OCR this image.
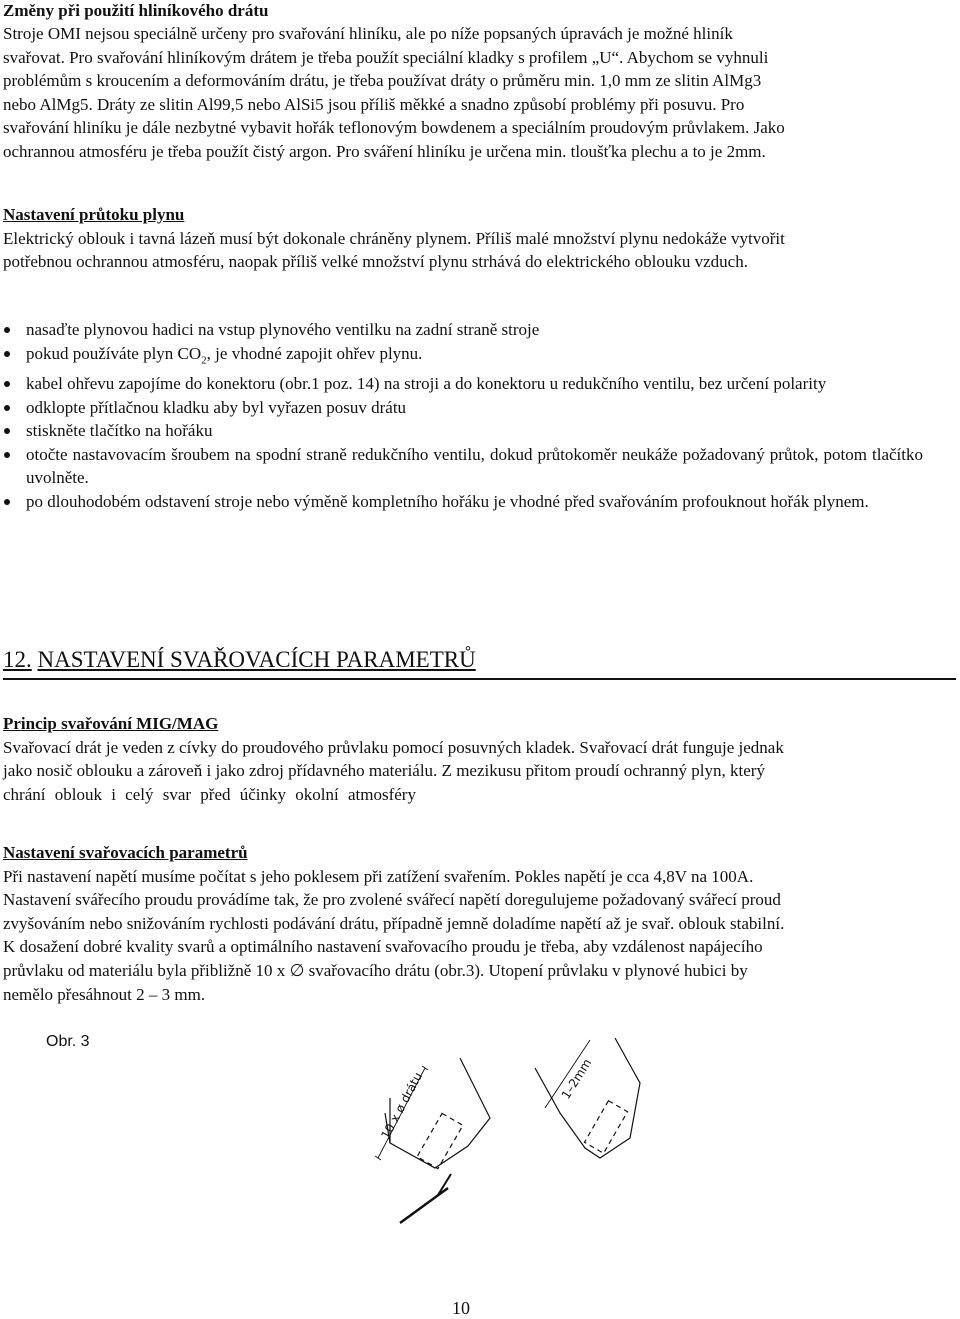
Změny při použití hliníkového drátu

Stroje OMI nejsou speciálně určeny pro svařování hliníku, ale po níže popsaných úpravách je možné hliník

svařovat. Pro svařování hliníkovým drátem je třeba použít speciální kladky s profilem „U“. Abychom se vyhnuli

problémům s kroucením a deformováním drátu, je třeba používat dráty o průměru min. 1,0 mm ze slitin AlMg3

nebo AlMg5. Dráty ze slitin Al99,5 nebo AlSi5 jsou příliš měkké a snadno způsobí problémy při posuvu. Pro

svařování hliníku je dále nezbytné vybavit hořák teflonovým bowdenem a speciálním proudovým průvlakem. Jako

ochrannou atmosféru je třeba použít čistý argon. Pro sváření hliníku je určena min. tloušťka plechu a to je 2mm.

Nastavení průtoku plynu

Elektrický oblouk i tavná lázeň musí být dokonale chráněny plynem. Příliš malé množství plynu nedokáže vytvořit

potřebnou ochrannou atmosféru, naopak příliš velké množství plynu strhává do elektrického oblouku vzduch.

nasaďte plynovou hadici na vstup plynového ventilku na zadní straně stroje
pokud používáte plyn $CO_2$, je vhodné zapojit ohřev plynu.
kabel ohřevu zapojíme do konektoru (obr.1 poz. 14) na stroji a do konektoru u redukčního ventilu, bez určení polarity
odklopte přítlačnou kladku aby byl vyřazen posuv drátu
stiskněte tlačítko na hořáku
otočte nastavovacím šroubem na spodní straně redukčního ventilu, dokud průtokoměr neukáže požadovaný průtok, potom tlačítko uvolněte.
po dlouhodobém odstavení stroje nebo výměně kompletního hořáku je vhodné před svařováním profouknout hořák plynem.
12. NASTAVENÍ SVAŘOVACÍCH PARAMETRŮ

Princip svařování MIG/MAG

Svařovací drát je veden z cívky do proudového průvlaku pomocí posuvných kladek. Svařovací drát funguje jednak

jako nosič oblouku a zároveň i jako zdroj přídavného materiálu. Z mezikusu přitom proudí ochranný plyn, který

chrání oblouk i celý svar před účinky okolní atmosféry

Nastavení svařovacích parametrů

Při nastavení napětí musíme počítat s jeho poklesem při zatížení svařením. Pokles napětí je cca 4,8V na 100A.

Nastavení svářecího proudu provádíme tak, že pro zvolené svářecí napětí doregulujeme požadovaný svářecí proud

zvyšováním nebo snižováním rychlosti podávání drátu, případně jemně doladíme napětí až je svař. oblouk stabilní.

K dosažení dobré kvality svarů a optimálního nastavení svařovacího proudu je třeba, aby vzdálenost napájecího

průvlaku od materiálu byla přibližně 10 x ∅ svařovacího drátu (obr.3). Utopení průvlaku v plynové hubici by

nemělo přesáhnout 2 – 3 mm.

Obr. 3
10 x ø drátu	1–2mm
10
